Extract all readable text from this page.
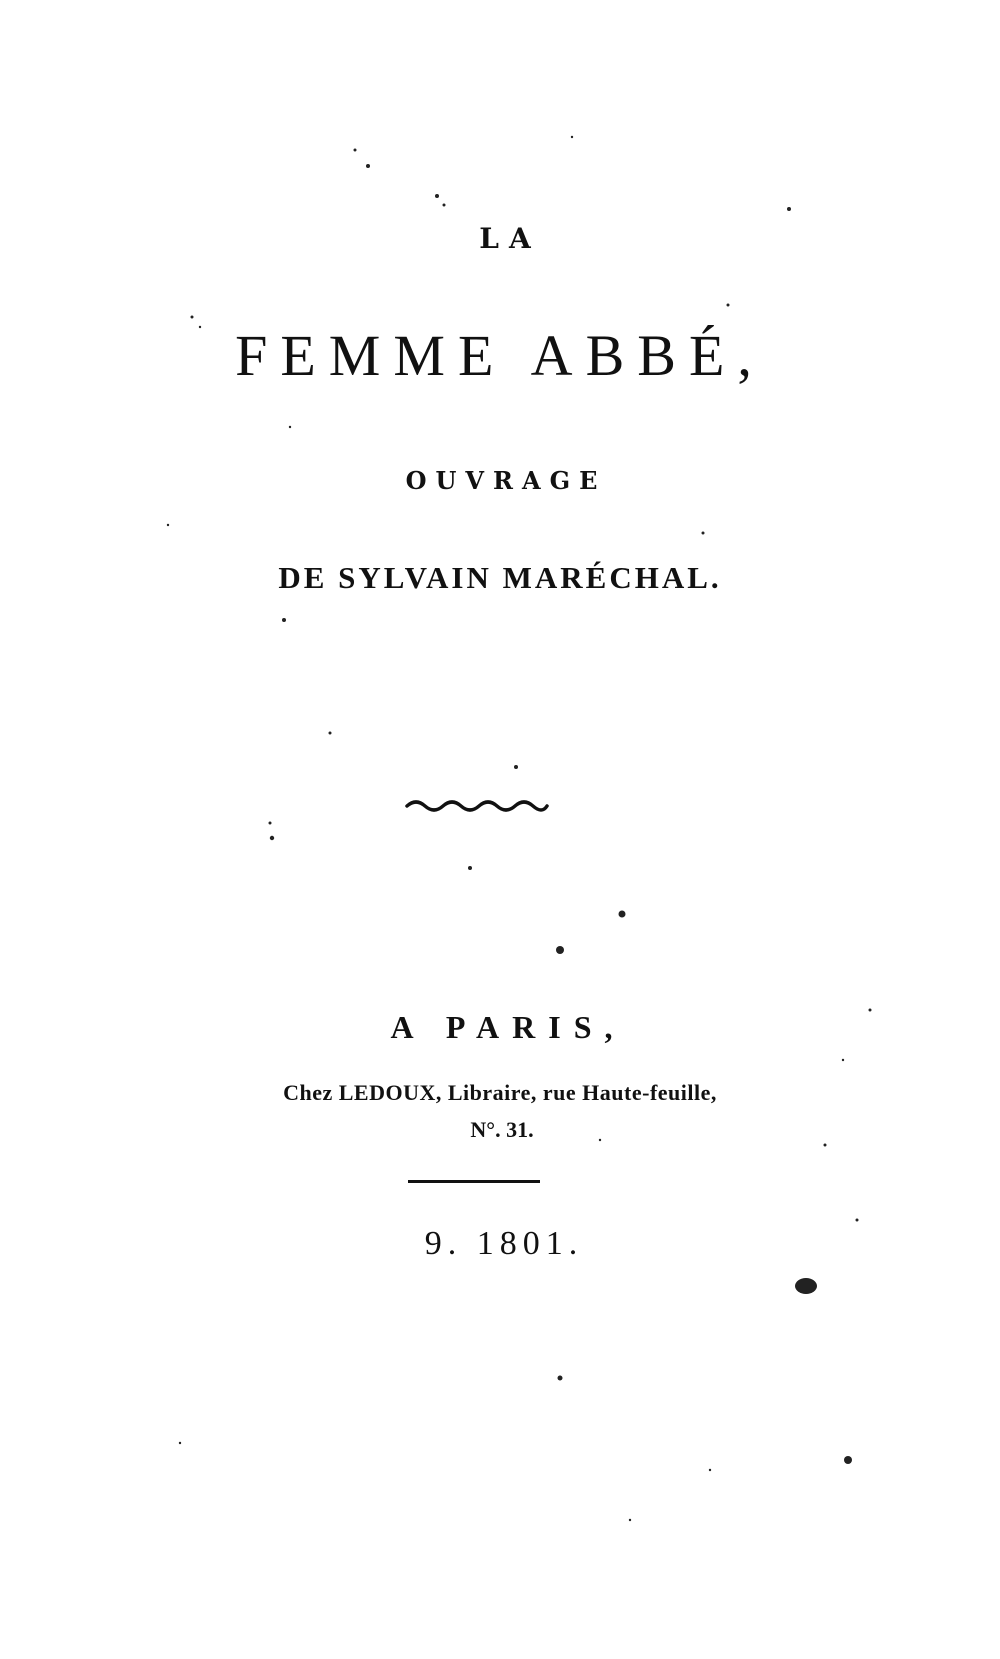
LA
FEMME ABBÉ,
OUVRAGE
DE SYLVAIN MARÉCHAL.
A PARIS,
Chez LEDOUX, Libraire, rue Haute-feuille,
N°. 31.
9. 1801.
